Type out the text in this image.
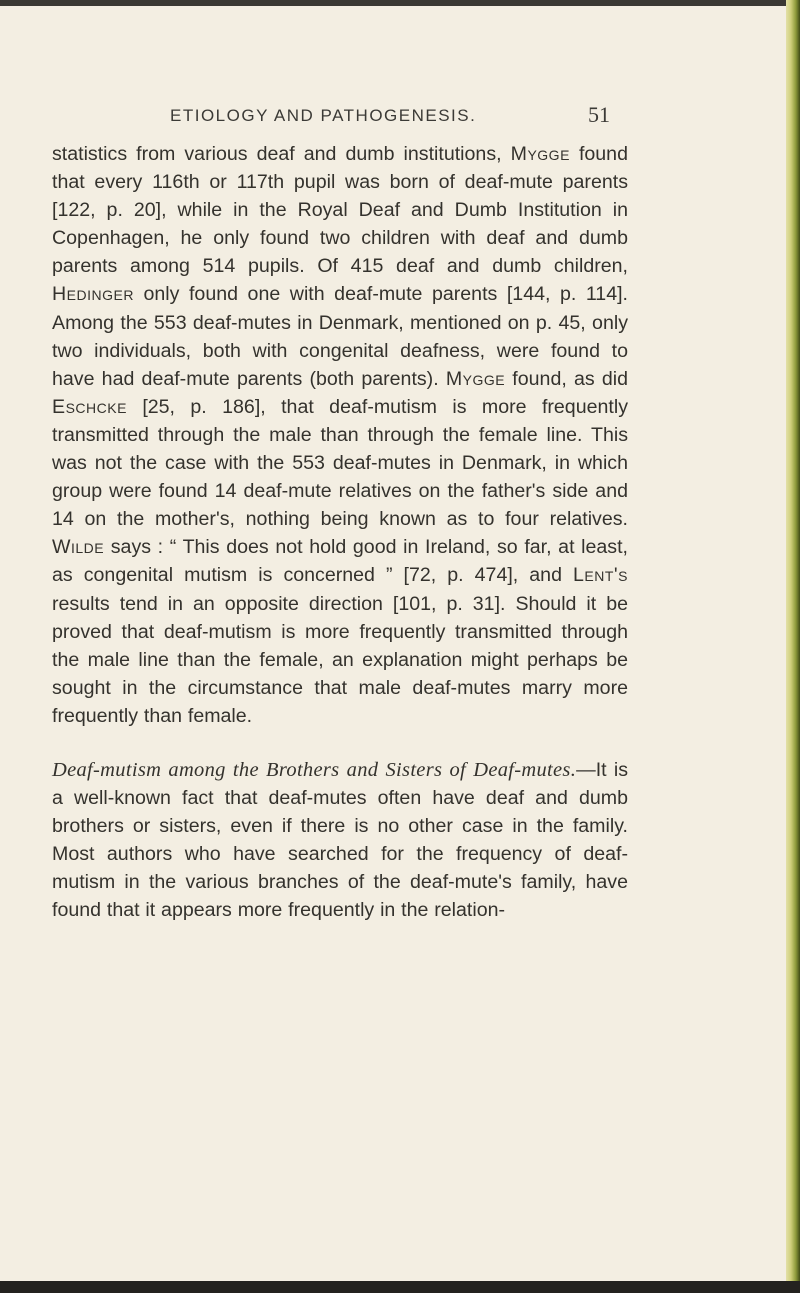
ETIOLOGY AND PATHOGENESIS.	51

statistics from various deaf and dumb institutions, Mygge found that every 116th or 117th pupil was born of deaf-mute parents [122, p. 20], while in the Royal Deaf and Dumb Institution in Copenhagen, he only found two children with deaf and dumb parents among 514 pupils. Of 415 deaf and dumb children, Hedinger only found one with deaf-mute parents [144, p. 114]. Among the 553 deaf-mutes in Denmark, mentioned on p. 45, only two individuals, both with congenital deafness, were found to have had deaf-mute parents (both parents). Mygge found, as did Eschcke [25, p. 186], that deaf-mutism is more frequently transmitted through the male than through the female line. This was not the case with the 553 deaf-mutes in Denmark, in which group were found 14 deaf-mute relatives on the father's side and 14 on the mother's, nothing being known as to four relatives. Wilde says : “ This does not hold good in Ireland, so far, at least, as congenital mutism is concerned ” [72, p. 474], and Lent's results tend in an opposite direction [101, p. 31]. Should it be proved that deaf-mutism is more frequently transmitted through the male line than the female, an explanation might perhaps be sought in the circumstance that male deaf-mutes marry more frequently than female.

Deaf-mutism among the Brothers and Sisters of Deaf-mutes.—It is a well-known fact that deaf-mutes often have deaf and dumb brothers or sisters, even if there is no other case in the family. Most authors who have searched for the frequency of deaf-mutism in the various branches of the deaf-mute's family, have found that it appears more frequently in the relation-
